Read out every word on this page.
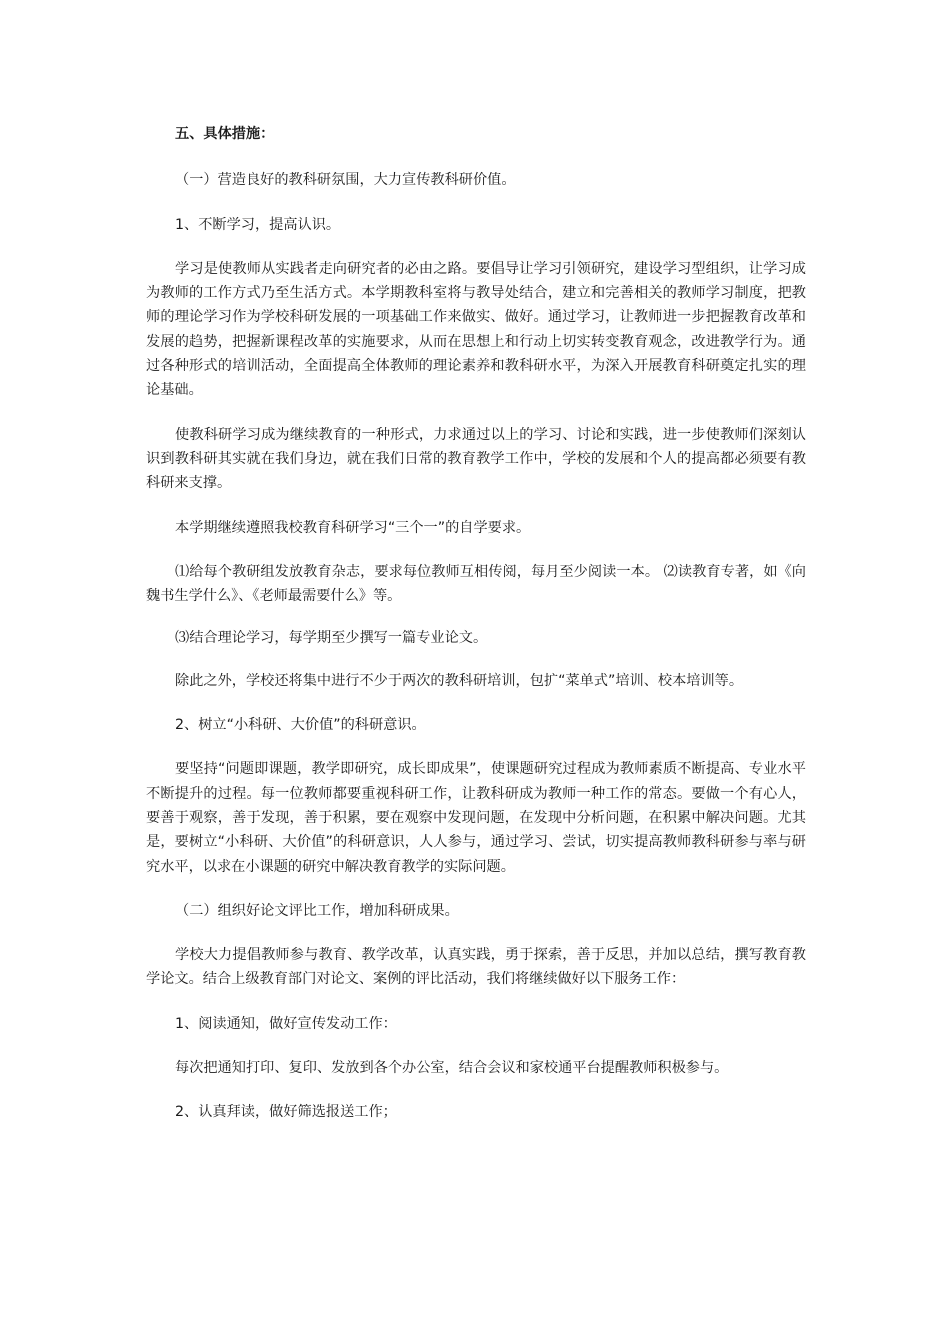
五、具体措施：

（一）营造良好的教科研氛围，大力宣传教科研价值。

1、不断学习，提高认识。

学习是使教师从实践者走向研究者的必由之路。要倡导让学习引领研究，建设学习型组织，让学习成为教师的工作方式乃至生活方式。本学期教科室将与教导处结合，建立和完善相关的教师学习制度，把教师的理论学习作为学校科研发展的一项基础工作来做实、做好。通过学习，让教师进一步把握教育改革和发展的趋势，把握新课程改革的实施要求，从而在思想上和行动上切实转变教育观念，改进教学行为。通过各种形式的培训活动，全面提高全体教师的理论素养和教科研水平，为深入开展教育科研奠定扎实的理论基础。

使教科研学习成为继续教育的一种形式，力求通过以上的学习、讨论和实践，进一步使教师们深刻认识到教科研其实就在我们身边，就在我们日常的教育教学工作中，学校的发展和个人的提高都必须要有教科研来支撑。

本学期继续遵照我校教育科研学习“三个一”的自学要求。

⑴给每个教研组发放教育杂志，要求每位教师互相传阅，每月至少阅读一本。 ⑵读教育专著，如《向魏书生学什么》、《老师最需要什么》等。

⑶结合理论学习，每学期至少撰写一篇专业论文。

除此之外，学校还将集中进行不少于两次的教科研培训，包扩“菜单式”培训、校本培训等。

2、树立“小科研、大价值”的科研意识。

要坚持“问题即课题，教学即研究，成长即成果”，使课题研究过程成为教师素质不断提高、专业水平不断提升的过程。每一位教师都要重视科研工作，让教科研成为教师一种工作的常态。要做一个有心人，要善于观察，善于发现，善于积累，要在观察中发现问题，在发现中分析问题，在积累中解决问题。尤其是，要树立“小科研、大价值”的科研意识，人人参与，通过学习、尝试，切实提高教师教科研参与率与研究水平，以求在小课题的研究中解决教育教学的实际问题。

（二）组织好论文评比工作，增加科研成果。

学校大力提倡教师参与教育、教学改革，认真实践，勇于探索，善于反思，并加以总结，撰写教育教学论文。结合上级教育部门对论文、案例的评比活动，我们将继续做好以下服务工作：

1、阅读通知，做好宣传发动工作：

每次把通知打印、复印、发放到各个办公室，结合会议和家校通平台提醒教师积极参与。

2、认真拜读，做好筛选报送工作；
